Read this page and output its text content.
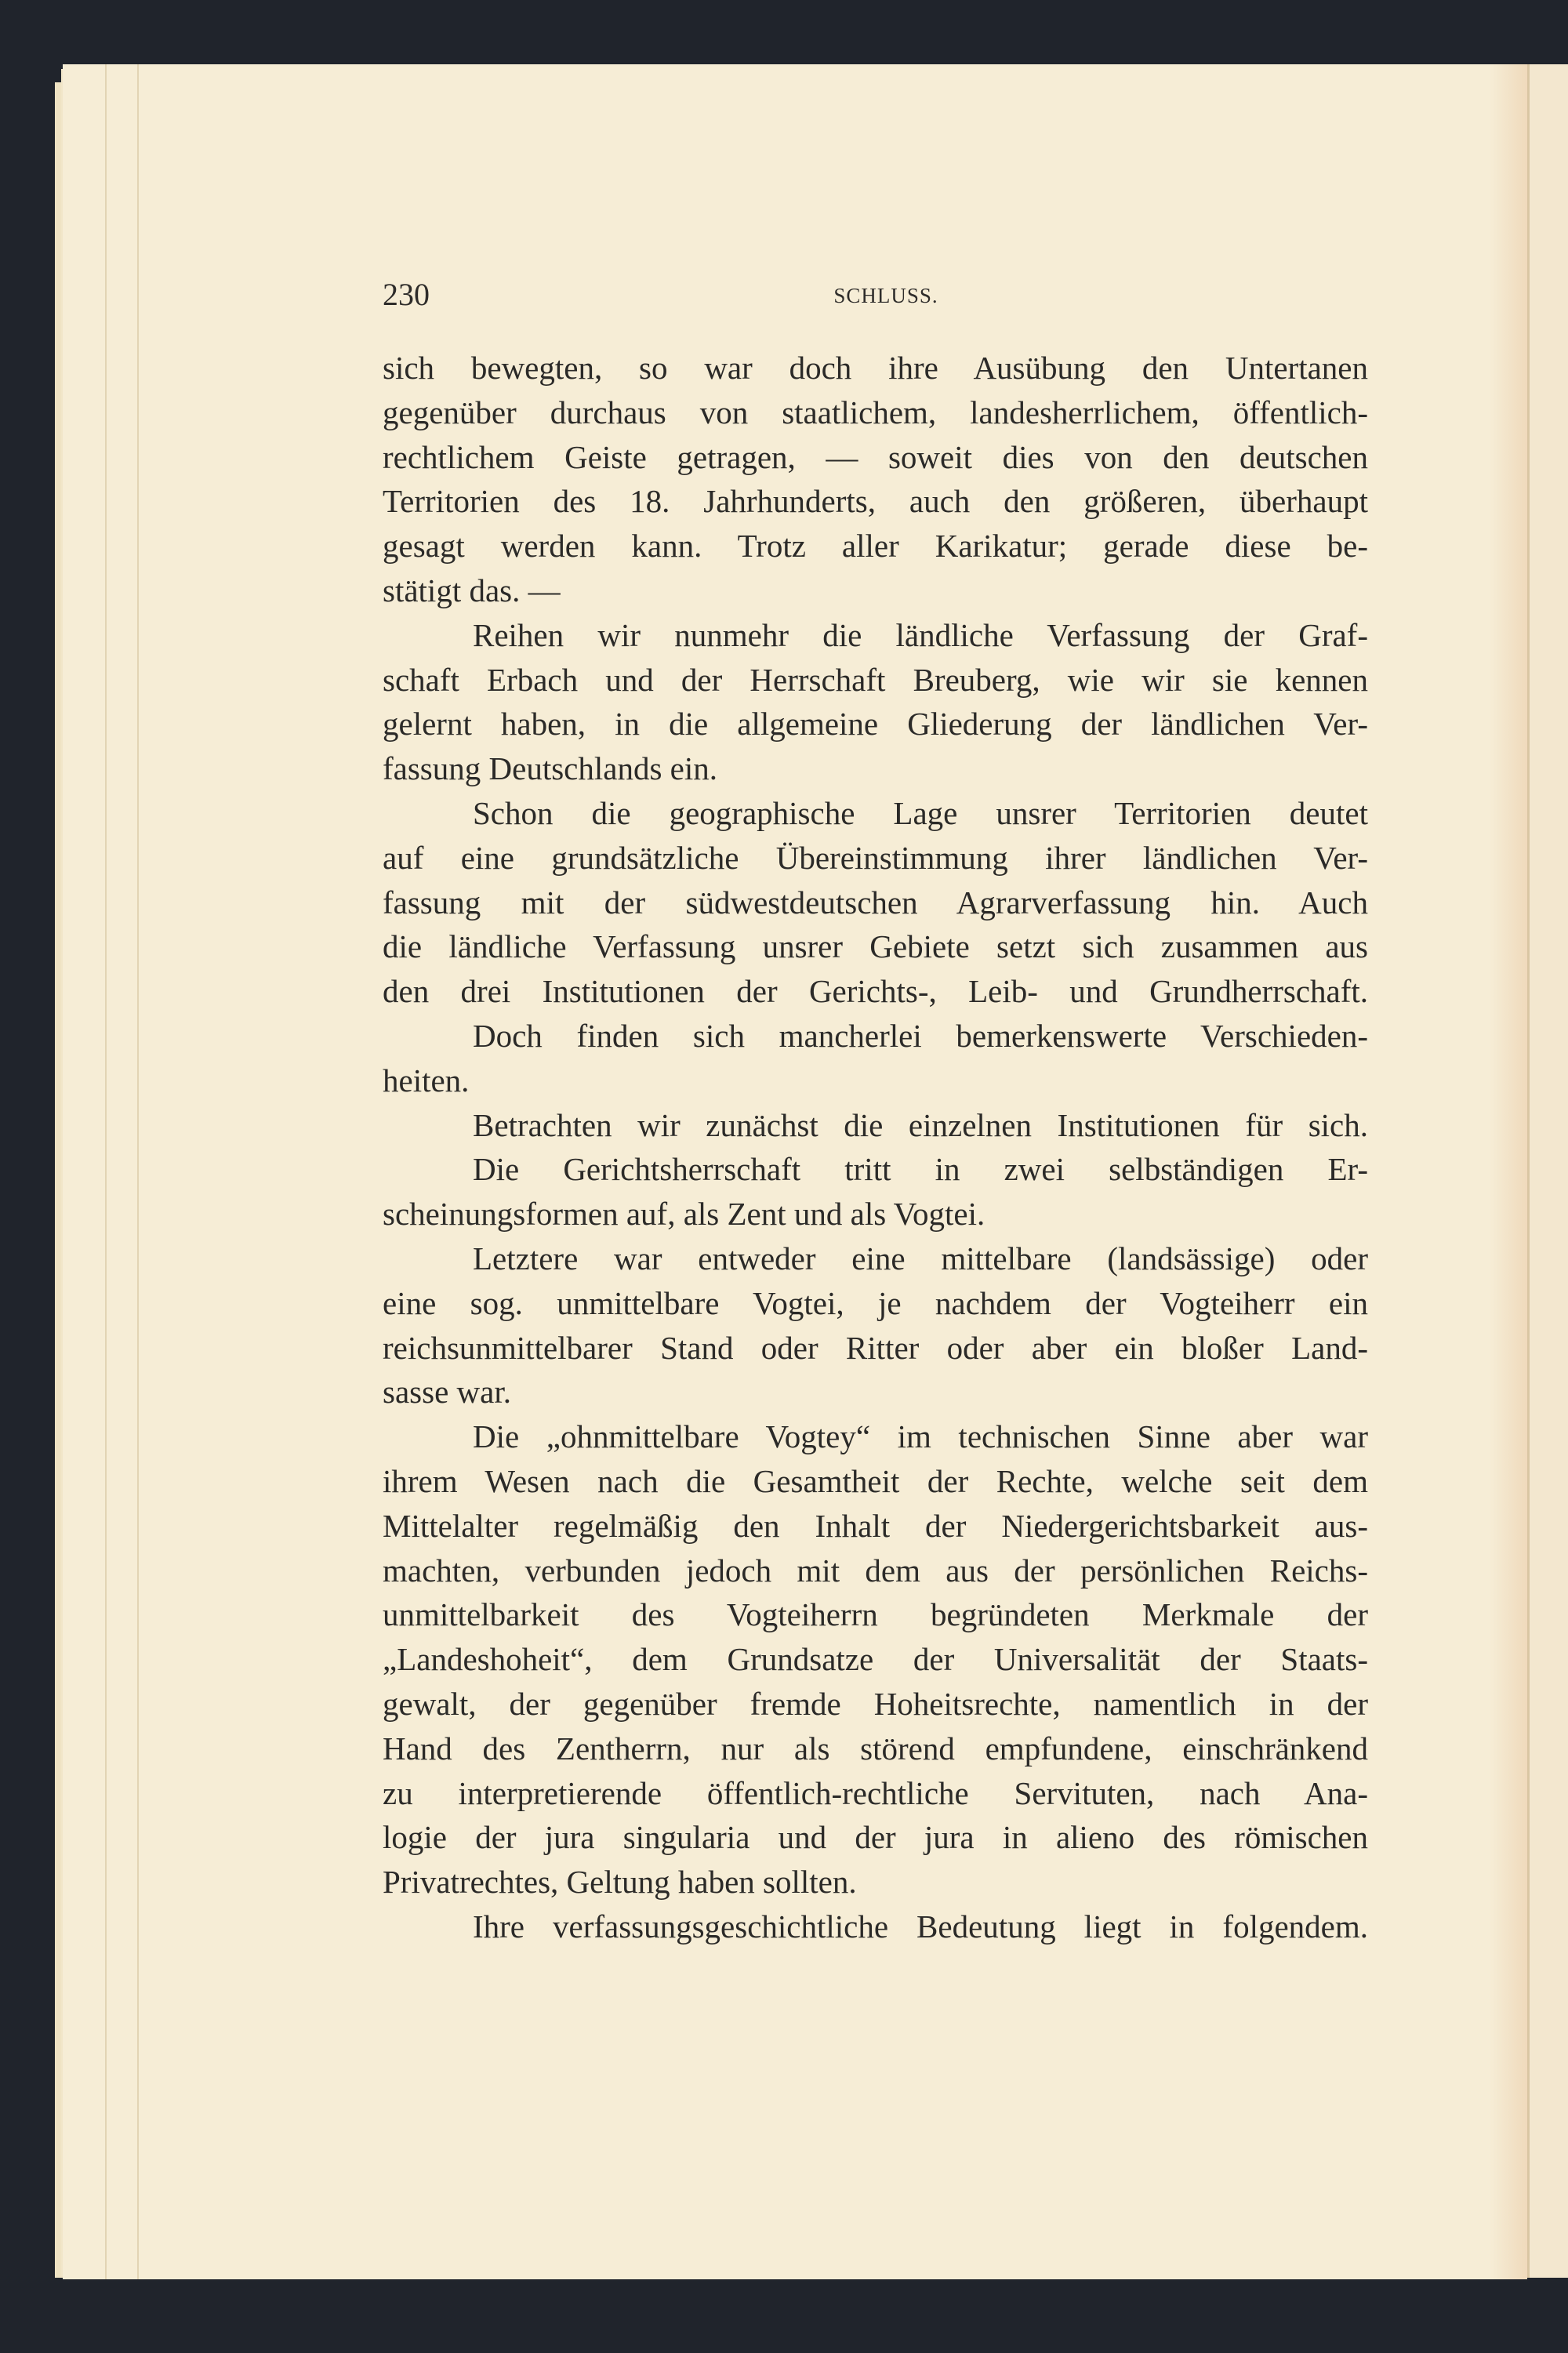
230	SCHLUSS.
sich bewegten, so war doch ihre Ausübung den Untertanen
gegenüber durchaus von staatlichem, landesherrlichem, öffentlich-
rechtlichem Geiste getragen, — soweit dies von den deutschen
Territorien des 18. Jahrhunderts, auch den größeren, überhaupt
gesagt werden kann. Trotz aller Karikatur; gerade diese be-
stätigt das. —
Reihen wir nunmehr die ländliche Verfassung der Graf-
schaft Erbach und der Herrschaft Breuberg, wie wir sie kennen
gelernt haben, in die allgemeine Gliederung der ländlichen Ver-
fassung Deutschlands ein.
Schon die geographische Lage unsrer Territorien deutet
auf eine grundsätzliche Übereinstimmung ihrer ländlichen Ver-
fassung mit der südwestdeutschen Agrarverfassung hin. Auch
die ländliche Verfassung unsrer Gebiete setzt sich zusammen aus
den drei Institutionen der Gerichts-, Leib- und Grundherrschaft.
Doch finden sich mancherlei bemerkenswerte Verschieden-
heiten.
Betrachten wir zunächst die einzelnen Institutionen für sich.
Die Gerichtsherrschaft tritt in zwei selbständigen Er-
scheinungsformen auf, als Zent und als Vogtei.
Letztere war entweder eine mittelbare (landsässige) oder
eine sog. unmittelbare Vogtei, je nachdem der Vogteiherr ein
reichsunmittelbarer Stand oder Ritter oder aber ein bloßer Land-
sasse war.
Die „ohnmittelbare Vogtey“ im technischen Sinne aber war
ihrem Wesen nach die Gesamtheit der Rechte, welche seit dem
Mittelalter regelmäßig den Inhalt der Niedergerichtsbarkeit aus-
machten, verbunden jedoch mit dem aus der persönlichen Reichs-
unmittelbarkeit des Vogteiherrn begründeten Merkmale der
„Landeshoheit“, dem Grundsatze der Universalität der Staats-
gewalt, der gegenüber fremde Hoheitsrechte, namentlich in der
Hand des Zentherrn, nur als störend empfundene, einschränkend
zu interpretierende öffentlich-rechtliche Servituten, nach Ana-
logie der jura singularia und der jura in alieno des römischen
Privatrechtes, Geltung haben sollten.
Ihre verfassungsgeschichtliche Bedeutung liegt in folgendem.
